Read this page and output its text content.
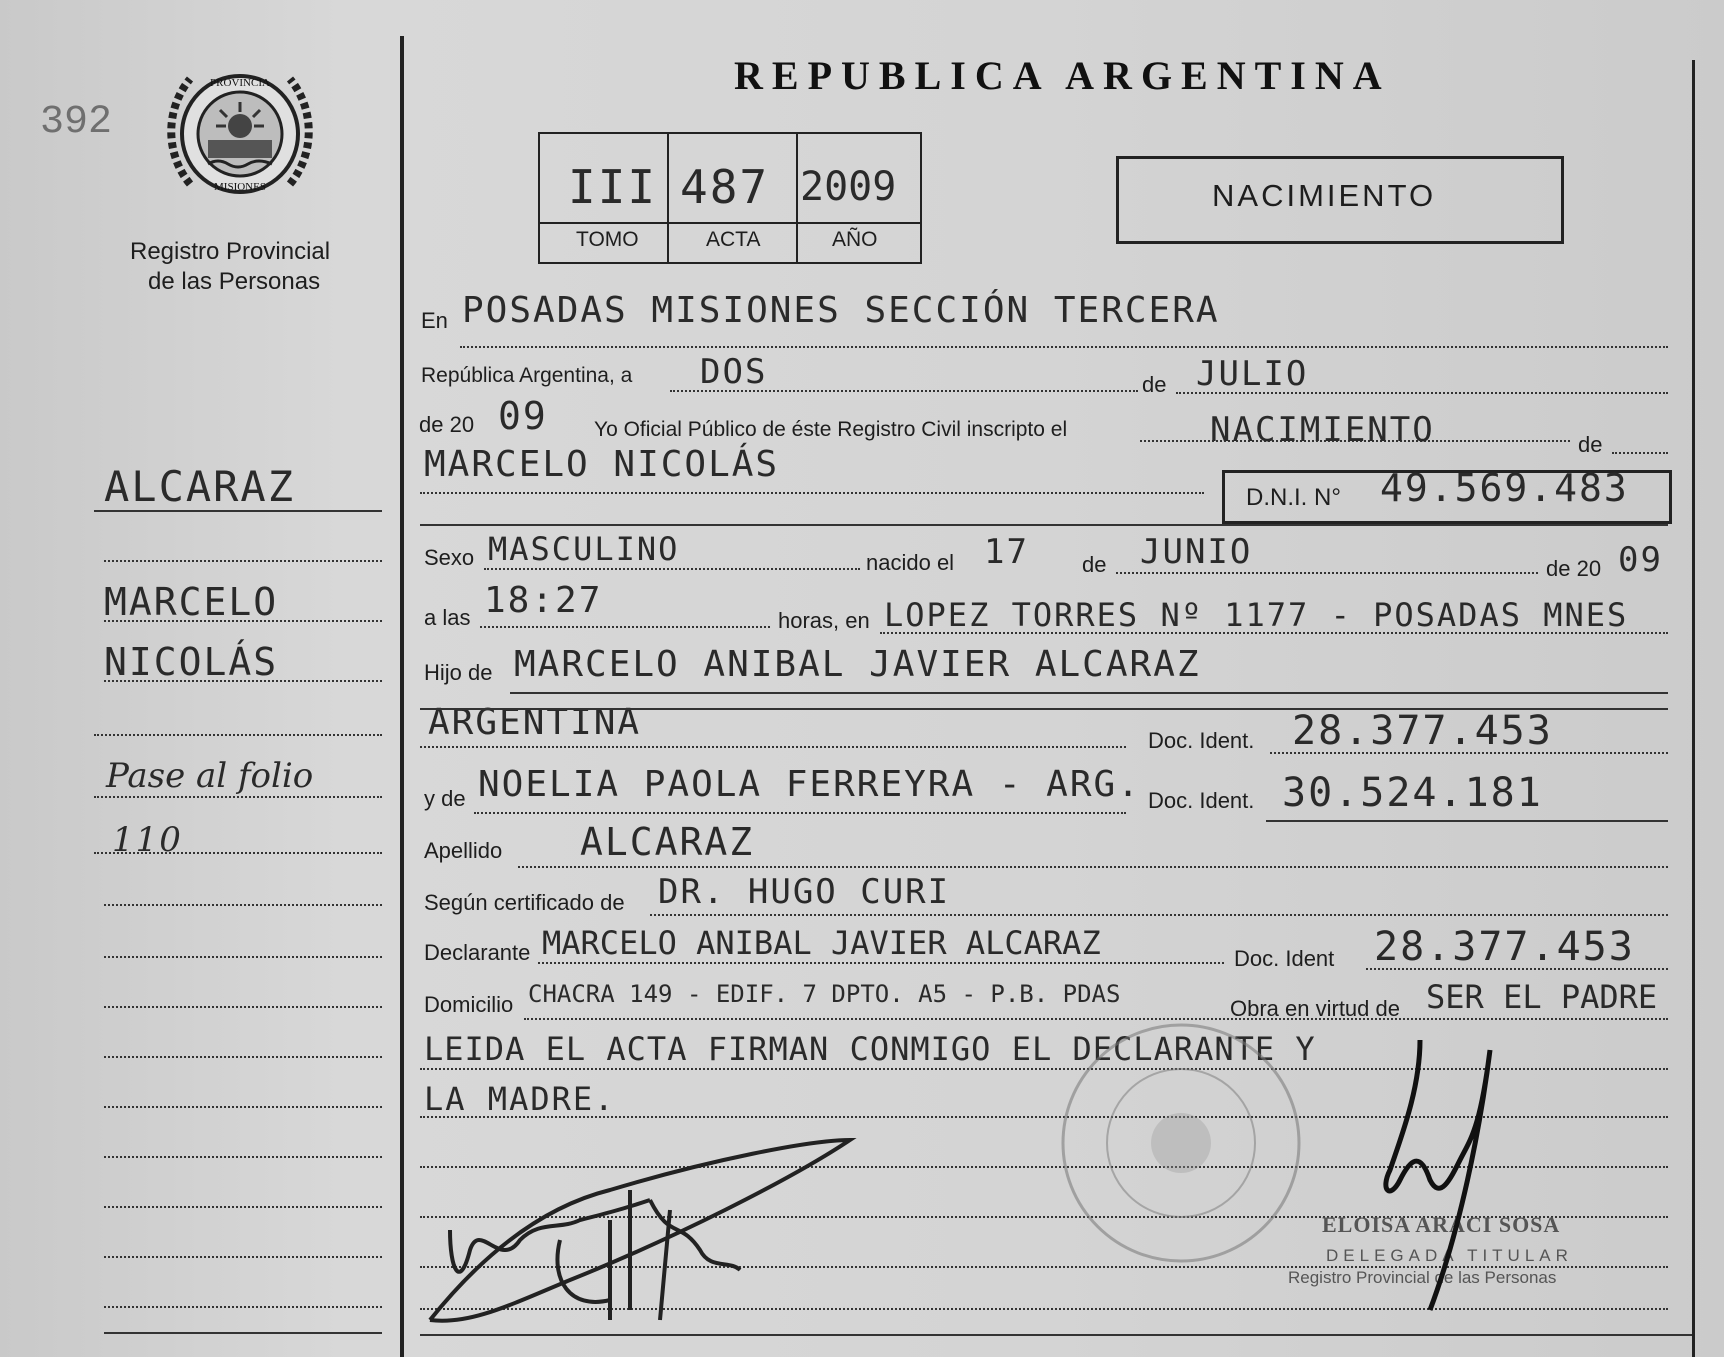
392
PROVINCIA
MISIONES
Registro Provincial
de las Personas
REPUBLICA ARGENTINA
III 487 2009
TOMO	ACTA	AÑO
NACIMIENTO
ALCARAZ
MARCELO
NICOLÁS
Pase al folio
110
En POSADAS MISIONES SECCIÓN TERCERA
República Argentina, a DOS	de JULIO
de 20 09 Yo Oficial Público de éste Registro Civil inscripto el	NACIMIENTO	de
MARCELO NICOLÁS
D.N.I. N° 49.569.483
Sexo MASCULINO	nacido el 17 de JUNIO	de 20 09
a las 18:27	horas, en LOPEZ TORRES Nº 1177 - POSADAS MNES
Hijo de MARCELO ANIBAL JAVIER ALCARAZ
ARGENTINA	Doc. Ident. 28.377.453
y de NOELIA PAOLA FERREYRA - ARG. Doc. Ident. 30.524.181
Apellido ALCARAZ
Según certificado de DR. HUGO CURI
Declarante MARCELO ANIBAL JAVIER ALCARAZ	Doc. Ident 28.377.453
Domicilio CHACRA 149 - EDIF. 7 DPTO. A5 - P.B. PDAS
Obra en virtud de SER EL PADRE
LEIDA EL ACTA FIRMAN CONMIGO EL DECLARANTE Y
LA MADRE.
ELOISA ARACI SOSA
DELEGADA TITULAR
Registro Provincial de las Personas
